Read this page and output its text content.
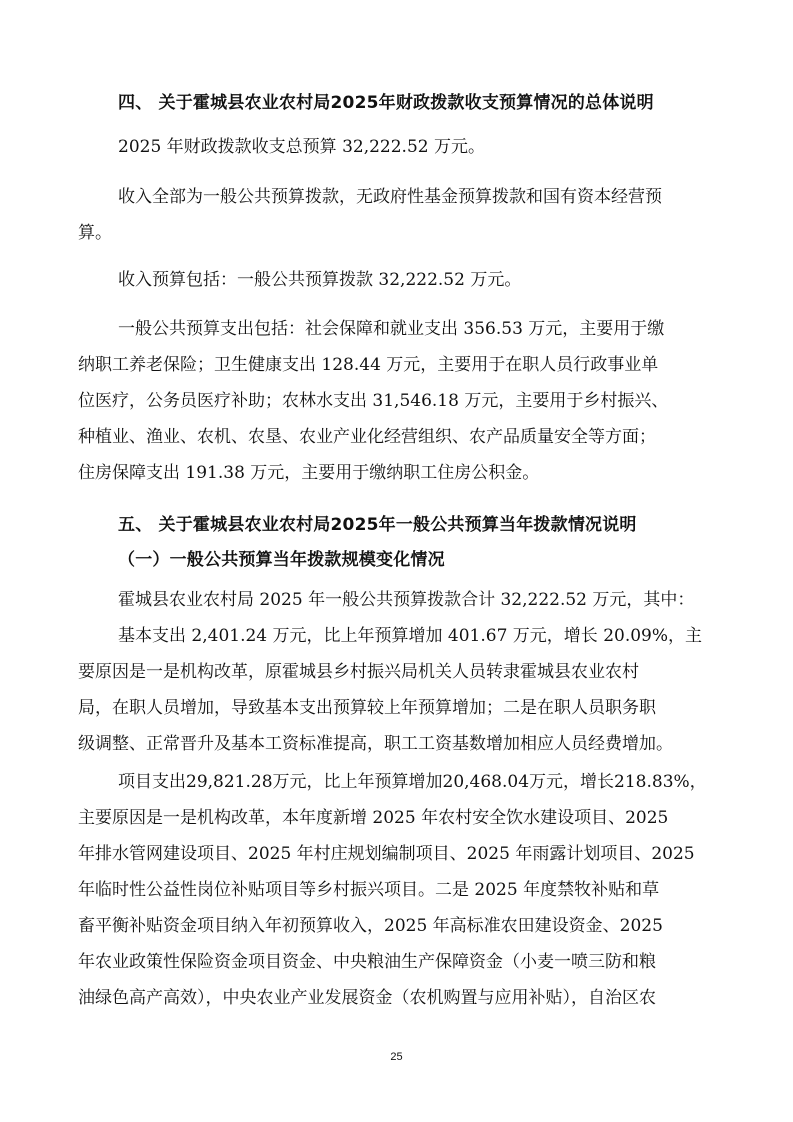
四、 关于霍城县农业农村局2025年财政拨款收支预算情况的总体说明
2025 年财政拨款收支总预算 32,222.52 万元。
收入全部为一般公共预算拨款，无政府性基金预算拨款和国有资本经营预
算。
收入预算包括：一般公共预算拨款 32,222.52 万元。
一般公共预算支出包括：社会保障和就业支出 356.53 万元，主要用于缴
纳职工养老保险；卫生健康支出 128.44 万元，主要用于在职人员行政事业单
位医疗，公务员医疗补助；农林水支出 31,546.18 万元，主要用于乡村振兴、
种植业、渔业、农机、农垦、农业产业化经营组织、农产品质量安全等方面；
住房保障支出 191.38 万元，主要用于缴纳职工住房公积金。
五、 关于霍城县农业农村局2025年一般公共预算当年拨款情况说明
（一）一般公共预算当年拨款规模变化情况
霍城县农业农村局 2025 年一般公共预算拨款合计 32,222.52 万元，其中：
基本支出 2,401.24 万元，比上年预算增加 401.67 万元，增长 20.09%，主
要原因是一是机构改革，原霍城县乡村振兴局机关人员转隶霍城县农业农村
局，在职人员增加，导致基本支出预算较上年预算增加；二是在职人员职务职
级调整、正常晋升及基本工资标准提高，职工工资基数增加相应人员经费增加。
项目支出29,821.28万元，比上年预算增加20,468.04万元，增长218.83%，
主要原因是一是机构改革，本年度新增 2025 年农村安全饮水建设项目、2025
年排水管网建设项目、2025 年村庄规划编制项目、2025 年雨露计划项目、2025
年临时性公益性岗位补贴项目等乡村振兴项目。二是 2025 年度禁牧补贴和草
畜平衡补贴资金项目纳入年初预算收入，2025 年高标准农田建设资金、2025
年农业政策性保险资金项目资金、中央粮油生产保障资金（小麦一喷三防和粮
油绿色高产高效），中央农业产业发展资金（农机购置与应用补贴），自治区农
25
